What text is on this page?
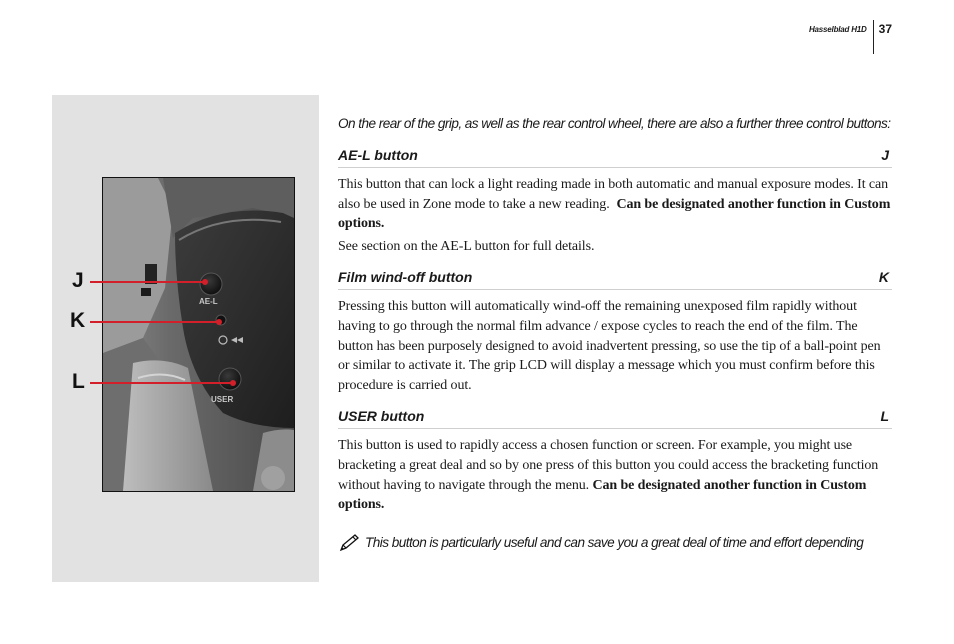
Hasselblad H1D 37
AE-L
USER
J
K
L

On the rear of the grip, as well as the rear control wheel, there are also a further three control buttons:

AE-L button	J

This button that can lock a light reading made in both automatic and manual exposure modes. It can also be used in Zone mode to take a new reading. Can be designated another function in Custom options.

See section on the AE-L button for full details.

Film wind-off button	K

Pressing this button will automatically wind-off the remaining unexposed film rapidly without having to go through the normal film advance / expose cycles to reach the end of the film. The button has been purposely designed to avoid inadvertent pressing, so use the tip of a ball-point pen or similar to activate it. The grip LCD will display a message which you must confirm before this procedure is carried out.

USER button	L

This button is used to rapidly access a chosen function or screen. For example, you might use bracketing a great deal and so by one press of this button you could access the bracketing function without having to navigate through the menu. Can be designated another function in Custom options.

This button is particularly useful and can save you a great deal of time and effort depending
